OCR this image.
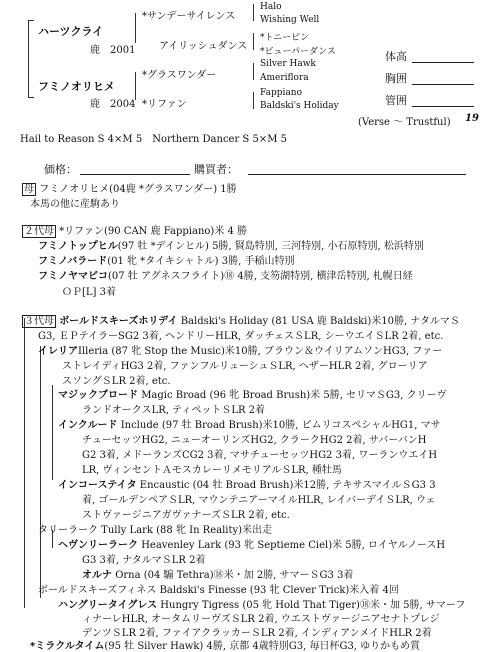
ハーツクライ
鹿　2001
フミノオリヒメ
鹿　2004
*サンデーサイレンス
アイリッシュダンス
*グラスワンダー
*リファン
Halo
Wishing Well
*トニービン
*ビューパーダンス
Silver Hawk
Ameriflora
Fappiano
Baldski's Holiday
体高
胸囲
管囲
(Verse ～ Trustful) 19
Hail to Reason S 4×M 5　Northern Dancer S 5×M 5
価格：	購買者：
母 フミノオリヒメ(04鹿 *グラスワンダー) 1勝
本馬の他に産駒あり
２代母 *リファン(90 CAN 鹿 Fappiano)米 4 勝
フミノトップヒル(97 牡 *デインヒル) 5勝, 賢島特別, 三河特別, 小石原特別, 松浜特別
フミノバラード(01 牝 *タイキシャトル) 3勝, 手稲山特別
フミノヤマビコ(07 牡 アグネスフライト)⑱ 4勝, 支笏湖特別, 横津岳特別, 札幌日経
ＯＰ[L] 3着
３代母 ボールドスキーズホリデイ Baldski's Holiday (81 USA 鹿 Baldski)米10勝, ナタルマＳ
G3, ＥＰテイラーSG2 3着, ヘンドリーHLR, ダッチェスＳLR, シーウエイＳLR 2着, etc.
イレリアIlleria (87 牝 Stop the Music)米10勝, ブラウン＆ウイリアムソンHG3, ファー
ストレイディHG3 2着, ファンフルリューシュＳLR, ヘザーHLR 2着, グローリア
スソングＳLR 2着, etc.
マジックブロード Magic Broad (96 牝 Broad Brush)米 5勝, セリマＳG3, クリーヴ
ランドオークスLR, ティペットＳLR 2着
インクルード Include (97 牡 Broad Brush)米10勝, ピムリコスペシャルHG1, マサ
チューセッツHG2, ニューオーリンズHG2, クラークHG2 2着, サバーバンH
G2 3着, メドーランズCG2 3着, マサチューセッツHG2 3着, ワーランウエイH
LR, ヴィンセントＡモスカレーリメモリアルＳLR, 種牡馬
インコーステイタ Encaustic (04 牡 Broad Brush)米12勝, テキサスマイルＳG3 3
着, ゴールデンペアＳLR, マウンテニアーマイルHLR, レイバーデイＳLR, ウェ
ストヴァージニアガヴァナーズＳLR 2着, etc.
タリーラーク Tully Lark (88 牝 In Reality)米出走
ヘヴンリーラーク Heavenley Lark (93 牝 Septieme Ciel)米 5勝, ロイヤルノースH
G3 3着, ナタルマＳLR 2着
オルナ Orna (04 騸 Tethra)⑱米・加 2勝, サマーＳG3 3着
ボールドスキーズフィネス Baldski's Finesse (93 牝 Clever Trick)米入着 4回
ハングリータイグレス Hungry Tigress (05 牝 Hold That Tiger)⑱米・加 5勝, サマーフ
ィナーレHLR, オータムリーヴズＳLR 2着, ウエストヴァージニアセナトプレジ
デンツＳLR 2着, ファイアクラッカーＳLR 2着, インディアンメイドHLR 2着
*ミラクルタイム(95 牡 Silver Hawk) 4勝, 京都 4歳特別G3, 毎日杯G3, ゆりかもめ賞
